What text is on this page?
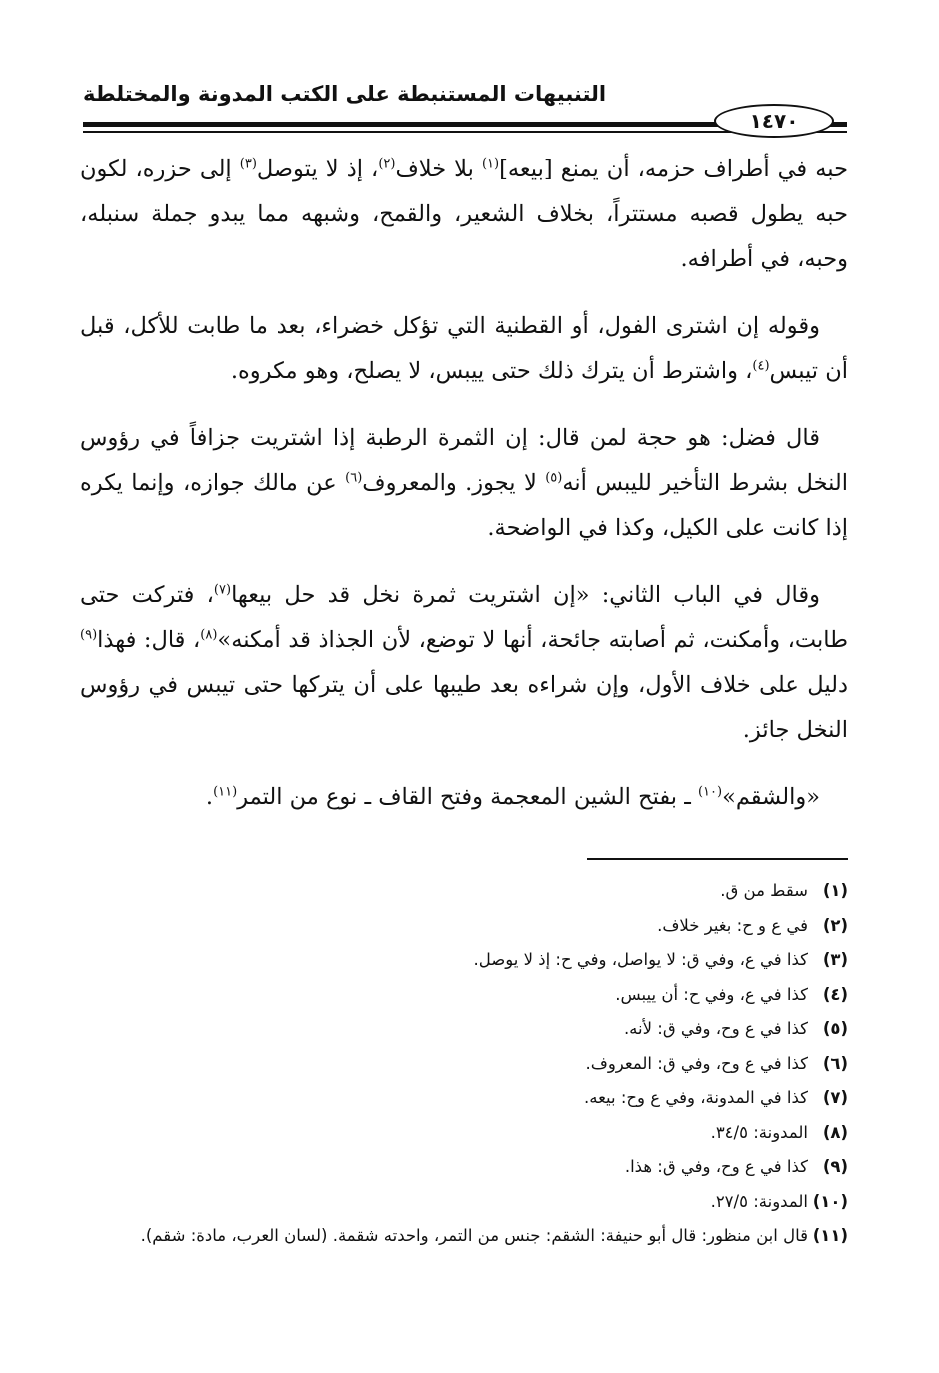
التنبيهات المستنبطة على الكتب المدونة والمختلطة
١٤٧٠

حبه في أطراف حزمه، أن يمنع [بيعه]$^{(١)}$ بلا خلاف$^{(٢)}$، إذ لا يتوصل$^{(٣)}$ إلى حزره، لكون حبه يطول قصبه مستتراً، بخلاف الشعير، والقمح، وشبهه مما يبدو جملة سنبله، وحبه، في أطرافه.

وقوله إن اشترى الفول، أو القطنية التي تؤكل خضراء، بعد ما طابت للأكل، قبل أن تيبس$^{(٤)}$، واشترط أن يترك ذلك حتى ييبس، لا يصلح، وهو مكروه.

قال فضل: هو حجة لمن قال: إن الثمرة الرطبة إذا اشتريت جزافاً في رؤوس النخل بشرط التأخير لليبس أنه$^{(٥)}$ لا يجوز. والمعروف$^{(٦)}$ عن مالك جوازه، وإنما يكره إذا كانت على الكيل، وكذا في الواضحة.

وقال في الباب الثاني: «إن اشتريت ثمرة نخل قد حل بيعها$^{(٧)}$، فتركت حتى طابت، وأمكنت، ثم أصابته جائحة، أنها لا توضع، لأن الجذاذ قد أمكنه»$^{(٨)}$، قال: فهذا$^{(٩)}$ دليل على خلاف الأول، وإن شراءه بعد طيبها على أن يتركها حتى تيبس في رؤوس النخل جائز.

«والشقم»$^{(١٠)}$ ـ بفتح الشين المعجمة وفتح القاف ـ نوع من التمر$^{(١١)}$.

(١)
سقط من ق.
(٢)
في ع و ح: بغير خلاف.
(٣)
كذا في ع، وفي ق: لا يواصل، وفي ح: إذ لا يوصل.
(٤)
كذا في ع، وفي ح: أن ييبس.
(٥)
كذا في ع وح، وفي ق: لأنه.
(٦)
كذا في ع وح، وفي ق: المعروف.
(٧)
كذا في المدونة، وفي ع وح: بيعه.
(٨)
المدونة: ٣٤/٥.
(٩)
كذا في ع وح، وفي ق: هذا.
(١٠)
المدونة: ٢٧/٥.
(١١)
قال ابن منظور: قال أبو حنيفة: الشقم: جنس من التمر، واحدته شقمة. (لسان العرب، مادة: شقم).
